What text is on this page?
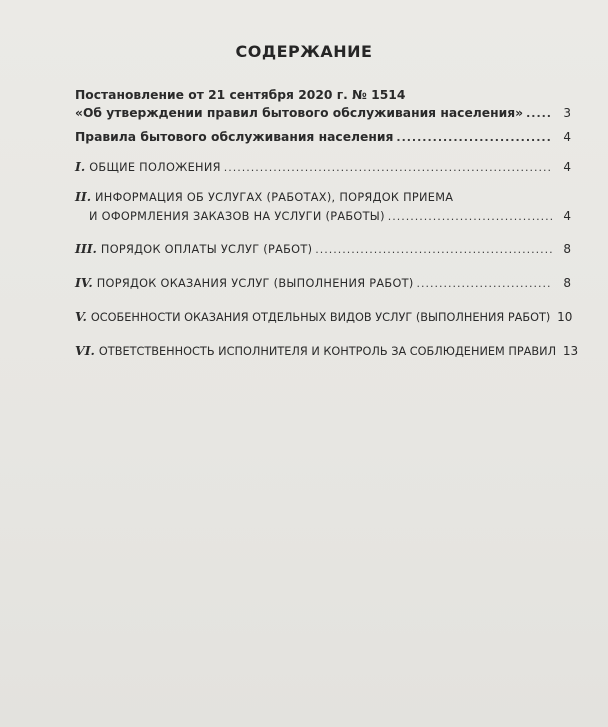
СОДЕРЖАНИЕ
Постановление от 21 сентября 2020 г. № 1514
«Об утверждении правил бытового обслуживания населения» .....	3
Правила бытового обслуживания населения .....	4
I. ОБЩИЕ ПОЛОЖЕНИЯ .....	4
II. ИНФОРМАЦИЯ ОБ УСЛУГАХ (РАБОТАХ), ПОРЯДОК ПРИЕМА
И ОФОРМЛЕНИЯ ЗАКАЗОВ НА УСЛУГИ (РАБОТЫ) .....	4
III. ПОРЯДОК ОПЛАТЫ УСЛУГ (РАБОТ) .....	8
IV. ПОРЯДОК ОКАЗАНИЯ УСЛУГ (ВЫПОЛНЕНИЯ РАБОТ) .....	8
V. ОСОБЕННОСТИ ОКАЗАНИЯ ОТДЕЛЬНЫХ ВИДОВ УСЛУГ (ВЫПОЛНЕНИЯ РАБОТ) 10
VI. ОТВЕТСТВЕННОСТЬ ИСПОЛНИТЕЛЯ И КОНТРОЛЬ ЗА СОБЛЮДЕНИЕМ ПРАВИЛ 13
